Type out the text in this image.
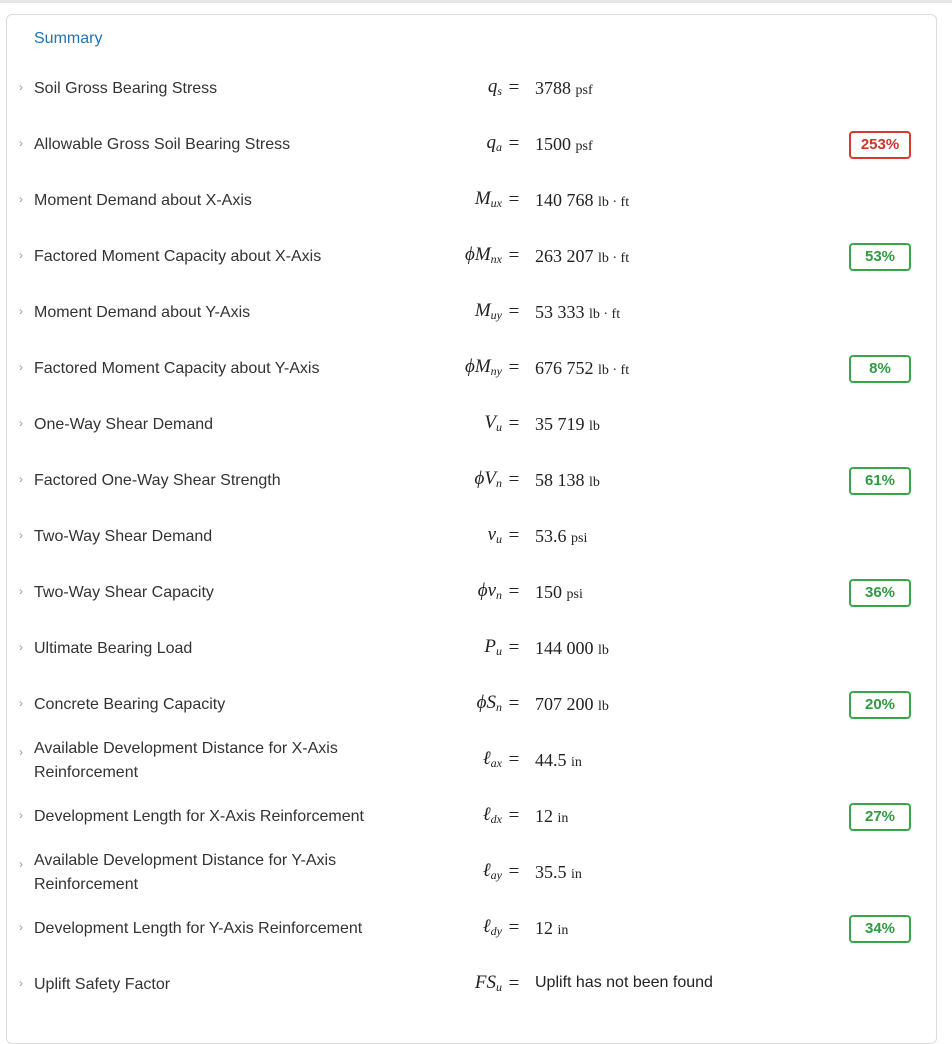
Summary
› Soil Gross Bearing Stress	$q_s = 3788$ psf
› Allowable Gross Soil Bearing Stress	$q_a = 1500$ psf	253%
› Moment Demand about X-Axis	$M_{ux} = 140$ 768 lb · ft
› Factored Moment Capacity about X-Axis	$\phi M_{nx} = 263$ 207 lb · ft	53%
› Moment Demand about Y-Axis	$M_{uy} = 53$ 333 lb · ft
› Factored Moment Capacity about Y-Axis	$\phi M_{ny} = 676$ 752 lb · ft	8%
› One-Way Shear Demand	$V_u = 35$ 719 lb
› Factored One-Way Shear Strength	$\phi V_n = 58$ 138 lb	61%
› Two-Way Shear Demand	$v_u = 53.6$ psi
› Two-Way Shear Capacity	$\phi v_n = 150$ psi	36%
› Ultimate Bearing Load	$P_u = 144$ 000 lb
› Concrete Bearing Capacity	$\phi S_n = 707$ 200 lb	20%
› Available Development Distance for X-Axis Reinforcement
ℓ$_{ax}$ = 44.5 in
› Development Length for X-Axis Reinforcement	ℓ$_{dx}$ = 12 in	27%
› Available Development Distance for Y-Axis Reinforcement
ℓ$_{ay}$ = 35.5 in
› Development Length for Y-Axis Reinforcement	ℓ$_{dy}$ = 12 in	34%
› Uplift Safety Factor	$FS_u$ = Uplift has not been found
